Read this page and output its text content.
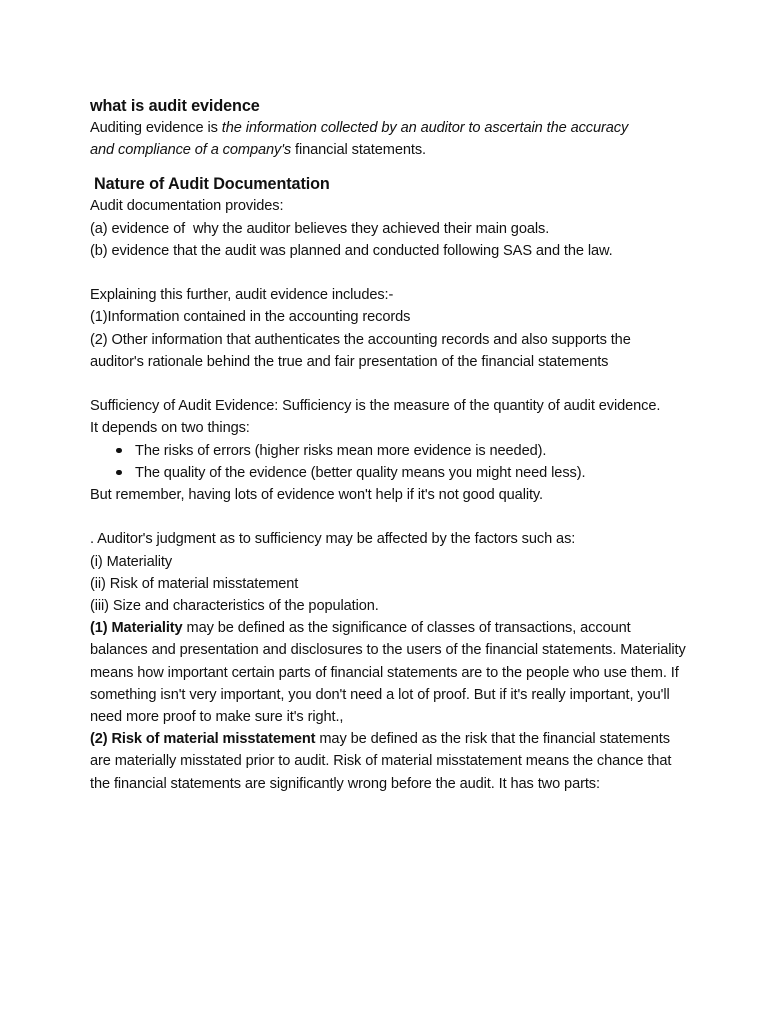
what is audit evidence

Auditing evidence is the information collected by an auditor to ascertain the accuracy and compliance of a company's financial statements.

Nature of Audit Documentation

Audit documentation provides:

(a) evidence of  why the auditor believes they achieved their main goals.

(b) evidence that the audit was planned and conducted following SAS and the law.

Explaining this further, audit evidence includes:-

(1)Information contained in the accounting records

(2) Other information that authenticates the accounting records and also supports the auditor's rationale behind the true and fair presentation of the financial statements

Sufficiency of Audit Evidence: Sufficiency is the measure of the quantity of audit evidence.

It depends on two things:

The risks of errors (higher risks mean more evidence is needed).
The quality of the evidence (better quality means you might need less).

But remember, having lots of evidence won't help if it's not good quality.

. Auditor's judgment as to sufficiency may be affected by the factors such as:

(i) Materiality

(ii) Risk of material misstatement

(iii) Size and characteristics of the population.

(1) Materiality may be defined as the significance of classes of transactions, account balances and presentation and disclosures to the users of the financial statements. Materiality means how important certain parts of financial statements are to the people who use them. If something isn't very important, you don't need a lot of proof. But if it's really important, you'll need more proof to make sure it's right.,

(2) Risk of material misstatement may be defined as the risk that the financial statements are materially misstated prior to audit. Risk of material misstatement means the chance that the financial statements are significantly wrong before the audit. It has two parts:
